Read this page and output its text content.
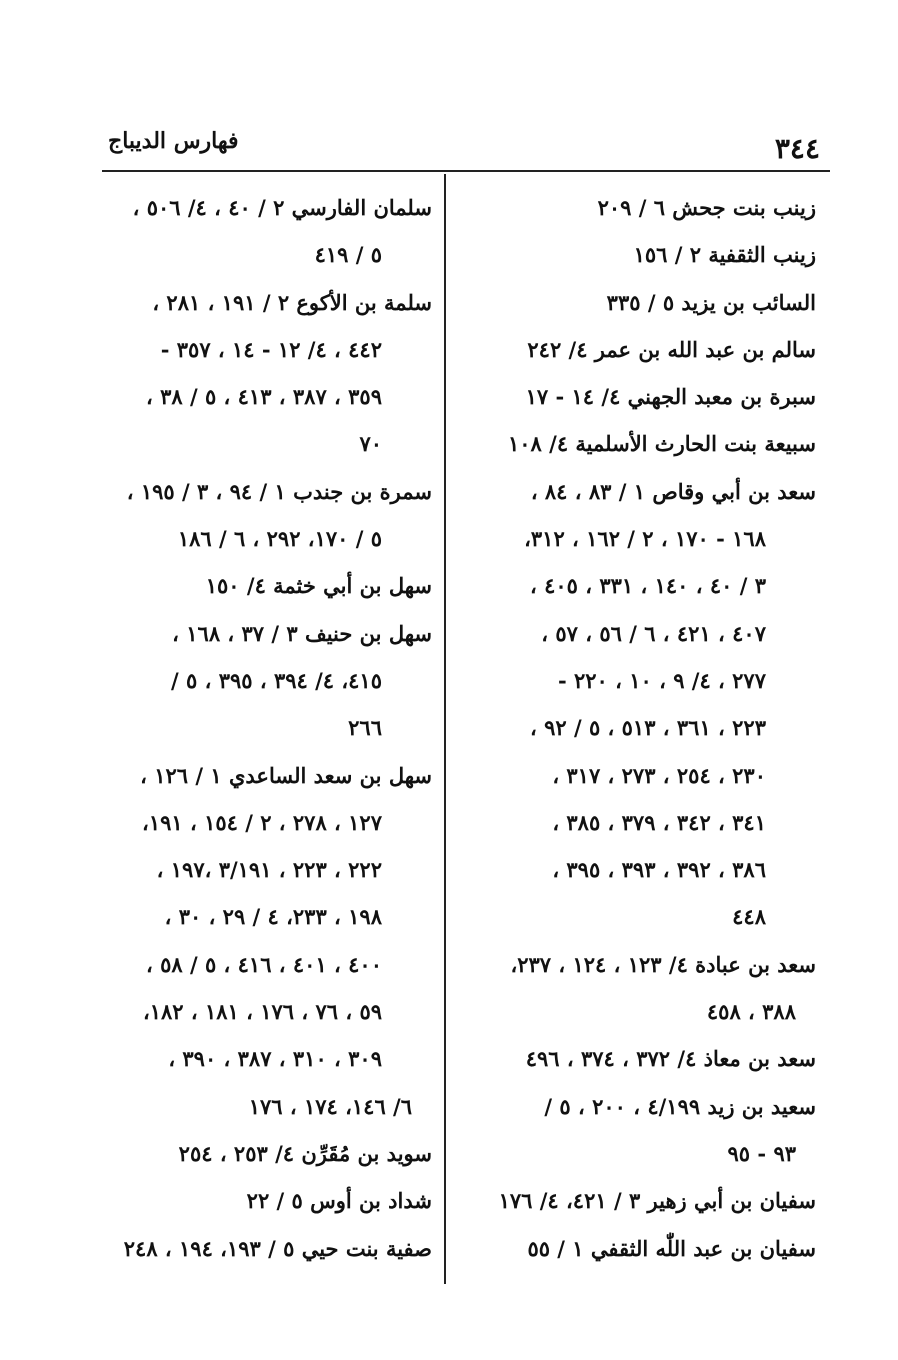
٣٤٤
فهارس الديباج
زينب بنت جحش ٦ / ٢٠٩
زينب الثقفية ٢ / ١٥٦
السائب بن يزيد ٥ / ٣٣٥
سالم بن عبد الله بن عمر ٤/ ٢٤٢
سبرة بن معبد الجهني ٤/ ١٤ - ١٧
سبيعة بنت الحارث الأسلمية ٤/ ١٠٨
سعد بن أبي وقاص ١ / ٨٣ ، ٨٤ ،
١٦٨ - ١٧٠ ، ٢ / ١٦٢ ، ٣١٢،
٣ / ٤٠ ، ١٤٠ ، ٣٣١ ، ٤٠٥ ،
٤٠٧ ، ٤٢١ ، ٦ / ٥٦ ، ٥٧ ،
٢٧٧ ، ٤/ ٩ ، ١٠ ، ٢٢٠ -
٢٢٣ ، ٣٦١ ، ٥١٣ ، ٥ / ٩٢ ،
٢٣٠ ، ٢٥٤ ، ٢٧٣ ، ٣١٧ ،
٣٤١ ، ٣٤٢ ، ٣٧٩ ، ٣٨٥ ،
٣٨٦ ، ٣٩٢ ، ٣٩٣ ، ٣٩٥ ،
٤٤٨
سعد بن عبادة ٤/ ١٢٣ ، ١٢٤ ، ٢٣٧،
٣٨٨ ، ٤٥٨
سعد بن معاذ ٤/ ٣٧٢ ، ٣٧٤ ، ٤٩٦
سعيد بن زيد ٤/١٩٩ ، ٢٠٠ ، ٥ /
٩٣ - ٩٥
سفيان بن أبي زهير ٣ / ٤٢١، ٤/ ١٧٦
سفيان بن عبد اللّٰه الثقفي ١ / ٥٥
سلمان الفارسي ٢ / ٤٠ ، ٤/ ٥٠٦ ،
٥ / ٤١٩
سلمة بن الأكوع ٢ / ١٩١ ، ٢٨١ ،
٤٤٢ ، ٤/ ١٢ - ١٤ ، ٣٥٧ -
٣٥٩ ، ٣٨٧ ، ٤١٣ ، ٥ / ٣٨ ،
٧٠
سمرة بن جندب ١ / ٩٤ ، ٣ / ١٩٥ ،
٥ / ١٧٠، ٢٩٢ ، ٦ / ١٨٦
سهل بن أبي خثمة ٤/ ١٥٠
سهل بن حنيف ٣ / ٣٧ ، ١٦٨ ،
٤١٥، ٤/ ٣٩٤ ، ٣٩٥ ، ٥ /
٢٦٦
سهل بن سعد الساعدي ١ / ١٢٦ ،
١٢٧ ، ٢٧٨ ، ٢ / ١٥٤ ، ١٩١،
٢٢٢ ، ٢٢٣ ، ٣/١٩١ ،١٩٧ ،
١٩٨ ، ٢٣٣، ٤ / ٢٩ ، ٣٠ ،
٤٠٠ ، ٤٠١ ، ٤١٦ ، ٥ / ٥٨ ،
٥٩ ، ٧٦ ، ١٧٦ ، ١٨١ ، ١٨٢،
٣٠٩ ، ٣١٠ ، ٣٨٧ ، ٣٩٠ ،
٦/ ١٤٦، ١٧٤ ، ١٧٦
سويد بن مُقَرِّن ٤/ ٢٥٣ ، ٢٥٤
شداد بن أوس ٥ / ٢٢
صفية بنت حيي ٥ / ١٩٣، ١٩٤ ، ٢٤٨
